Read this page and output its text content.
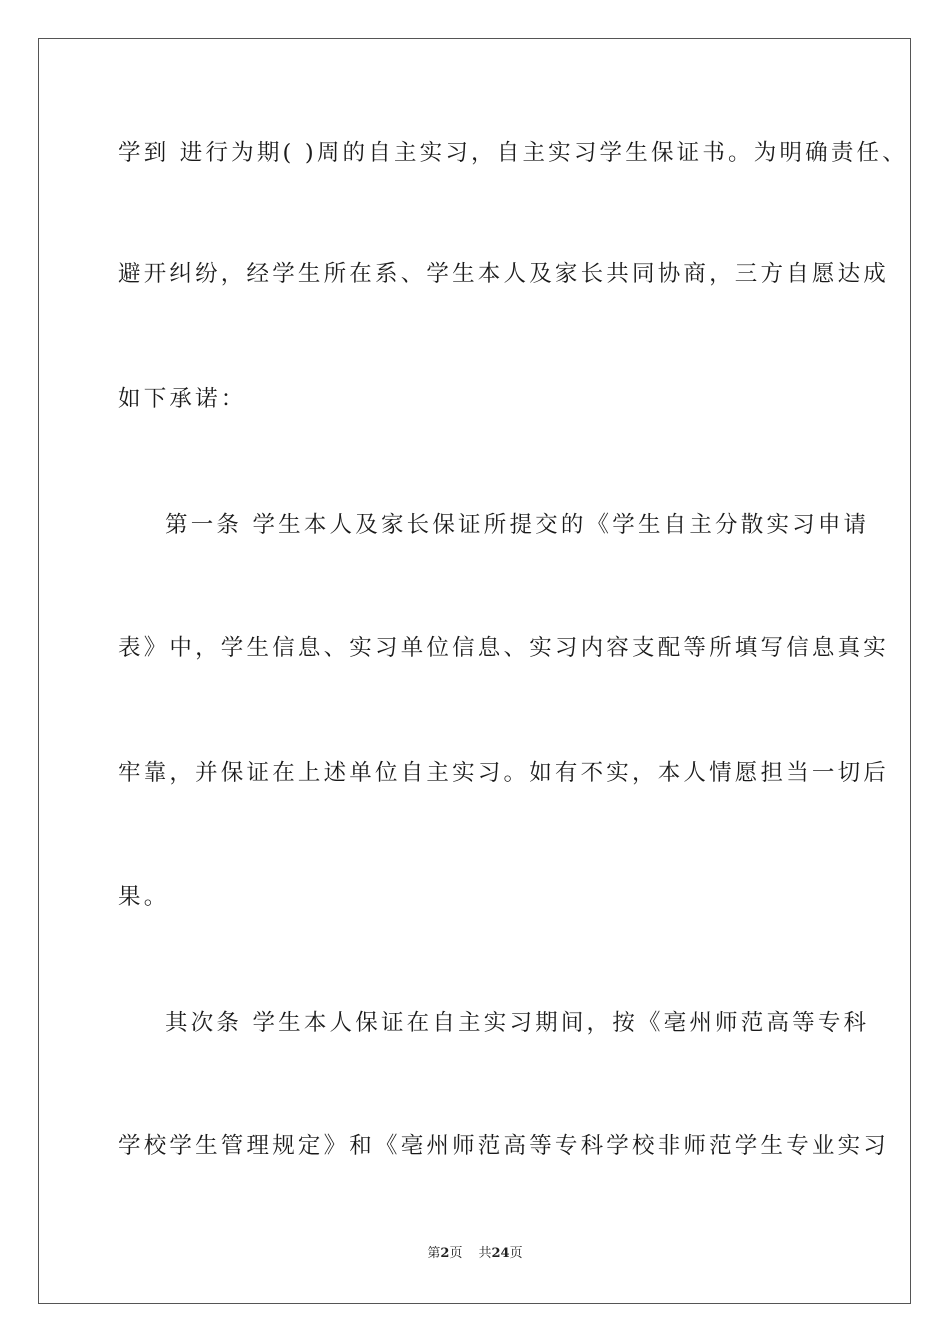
学到 进行为期( )周的自主实习，自主实习学生保证书。为明确责任、
避开纠纷，经学生所在系、学生本人及家长共同协商，三方自愿达成
如下承诺：
第一条 学生本人及家长保证所提交的《学生自主分散实习申请
表》中，学生信息、实习单位信息、实习内容支配等所填写信息真实
牢靠，并保证在上述单位自主实习。如有不实，本人情愿担当一切后
果。
其次条 学生本人保证在自主实习期间，按《亳州师范高等专科
学校学生管理规定》和《亳州师范高等专科学校非师范学生专业实习
第2页 共24页
